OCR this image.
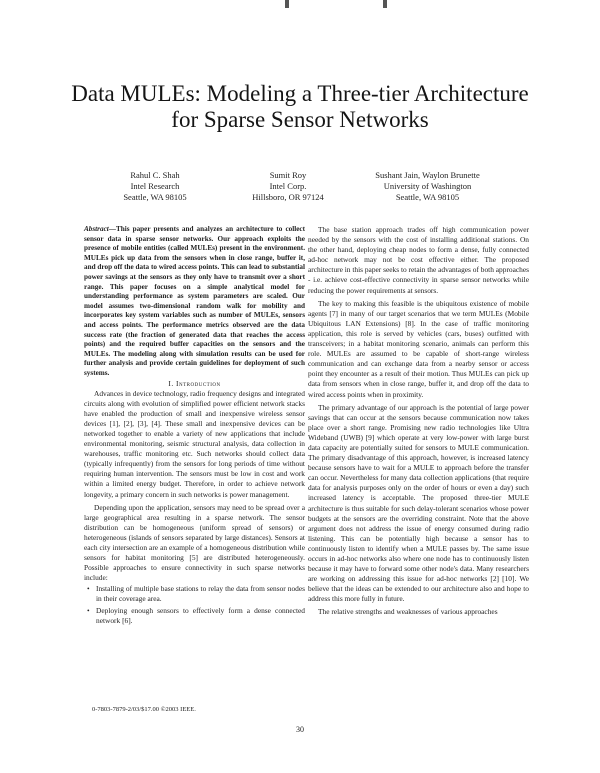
Data MULEs: Modeling a Three-tier Architecture
for Sparse Sensor Networks
Rahul C. Shah
Intel Research
Seattle, WA 98105
Sumit Roy
Intel Corp.
Hillsboro, OR 97124
Sushant Jain, Waylon Brunette
University of Washington
Seattle, WA 98105

Abstract—This paper presents and analyzes an architecture to collect sensor data in sparse sensor networks. Our approach exploits the presence of mobile entities (called MULEs) present in the environment. MULEs pick up data from the sensors when in close range, buffer it, and drop off the data to wired access points. This can lead to substantial power savings at the sensors as they only have to transmit over a short range. This paper focuses on a simple analytical model for understanding performance as system parameters are scaled. Our model assumes two-dimensional random walk for mobility and incorporates key system variables such as number of MULEs, sensors and access points. The performance metrics observed are the data success rate (the fraction of generated data that reaches the access points) and the required buffer capacities on the sensors and the MULEs. The modeling along with simulation results can be used for further analysis and provide certain guidelines for deployment of such systems.

I. Introduction

Advances in device technology, radio frequency designs and integrated circuits along with evolution of simplified power efficient network stacks have enabled the production of small and inexpensive wireless sensor devices [1], [2], [3], [4]. These small and inexpensive devices can be networked together to enable a variety of new applications that include environmental monitoring, seismic structural analysis, data collection in warehouses, traffic monitoring etc. Such networks should collect data (typically infrequently) from the sensors for long periods of time without requiring human intervention. The sensors must be low in cost and work within a limited energy budget. Therefore, in order to achieve network longevity, a primary concern in such networks is power management.

Depending upon the application, sensors may need to be spread over a large geographical area resulting in a sparse network. The sensor distribution can be homogeneous (uniform spread of sensors) or heterogeneous (islands of sensors separated by large distances). Sensors at each city intersection are an example of a homogeneous distribution while sensors for habitat monitoring [5] are distributed heterogeneously. Possible approaches to ensure connectivity in such sparse networks include:

• Installing of multiple base stations to relay the data from sensor nodes in their coverage area.
• Deploying enough sensors to effectively form a dense connected network [6].

The base station approach trades off high communication power needed by the sensors with the cost of installing additional stations. On the other hand, deploying cheap nodes to form a dense, fully connected ad-hoc network may not be cost effective either. The proposed architecture in this paper seeks to retain the advantages of both approaches - i.e. achieve cost-effective connectivity in sparse sensor networks while reducing the power requirements at sensors.

The key to making this feasible is the ubiquitous existence of mobile agents [7] in many of our target scenarios that we term MULEs (Mobile Ubiquitous LAN Extensions) [8]. In the case of traffic monitoring application, this role is served by vehicles (cars, buses) outfitted with transceivers; in a habitat monitoring scenario, animals can perform this role. MULEs are assumed to be capable of short-range wireless communication and can exchange data from a nearby sensor or access point they encounter as a result of their motion. Thus MULEs can pick up data from sensors when in close range, buffer it, and drop off the data to wired access points when in proximity.

The primary advantage of our approach is the potential of large power savings that can occur at the sensors because communication now takes place over a short range. Promising new radio technologies like Ultra Wideband (UWB) [9] which operate at very low-power with large burst data capacity are potentially suited for sensors to MULE communication. The primary disadvantage of this approach, however, is increased latency because sensors have to wait for a MULE to approach before the transfer can occur. Nevertheless for many data collection applications (that require data for analysis purposes only on the order of hours or even a day) such increased latency is acceptable. The proposed three-tier MULE architecture is thus suitable for such delay-tolerant scenarios whose power budgets at the sensors are the overriding constraint. Note that the above argument does not address the issue of energy consumed during radio listening. This can be potentially high because a sensor has to continuously listen to identify when a MULE passes by. The same issue occurs in ad-hoc networks also where one node has to continuously listen because it may have to forward some other node's data. Many researchers are working on addressing this issue for ad-hoc networks [2] [10]. We believe that the ideas can be extended to our architecture also and hope to address this more fully in future.

The relative strengths and weaknesses of various approaches

0-7803-7879-2/03/$17.00 ©2003 IEEE.
30
